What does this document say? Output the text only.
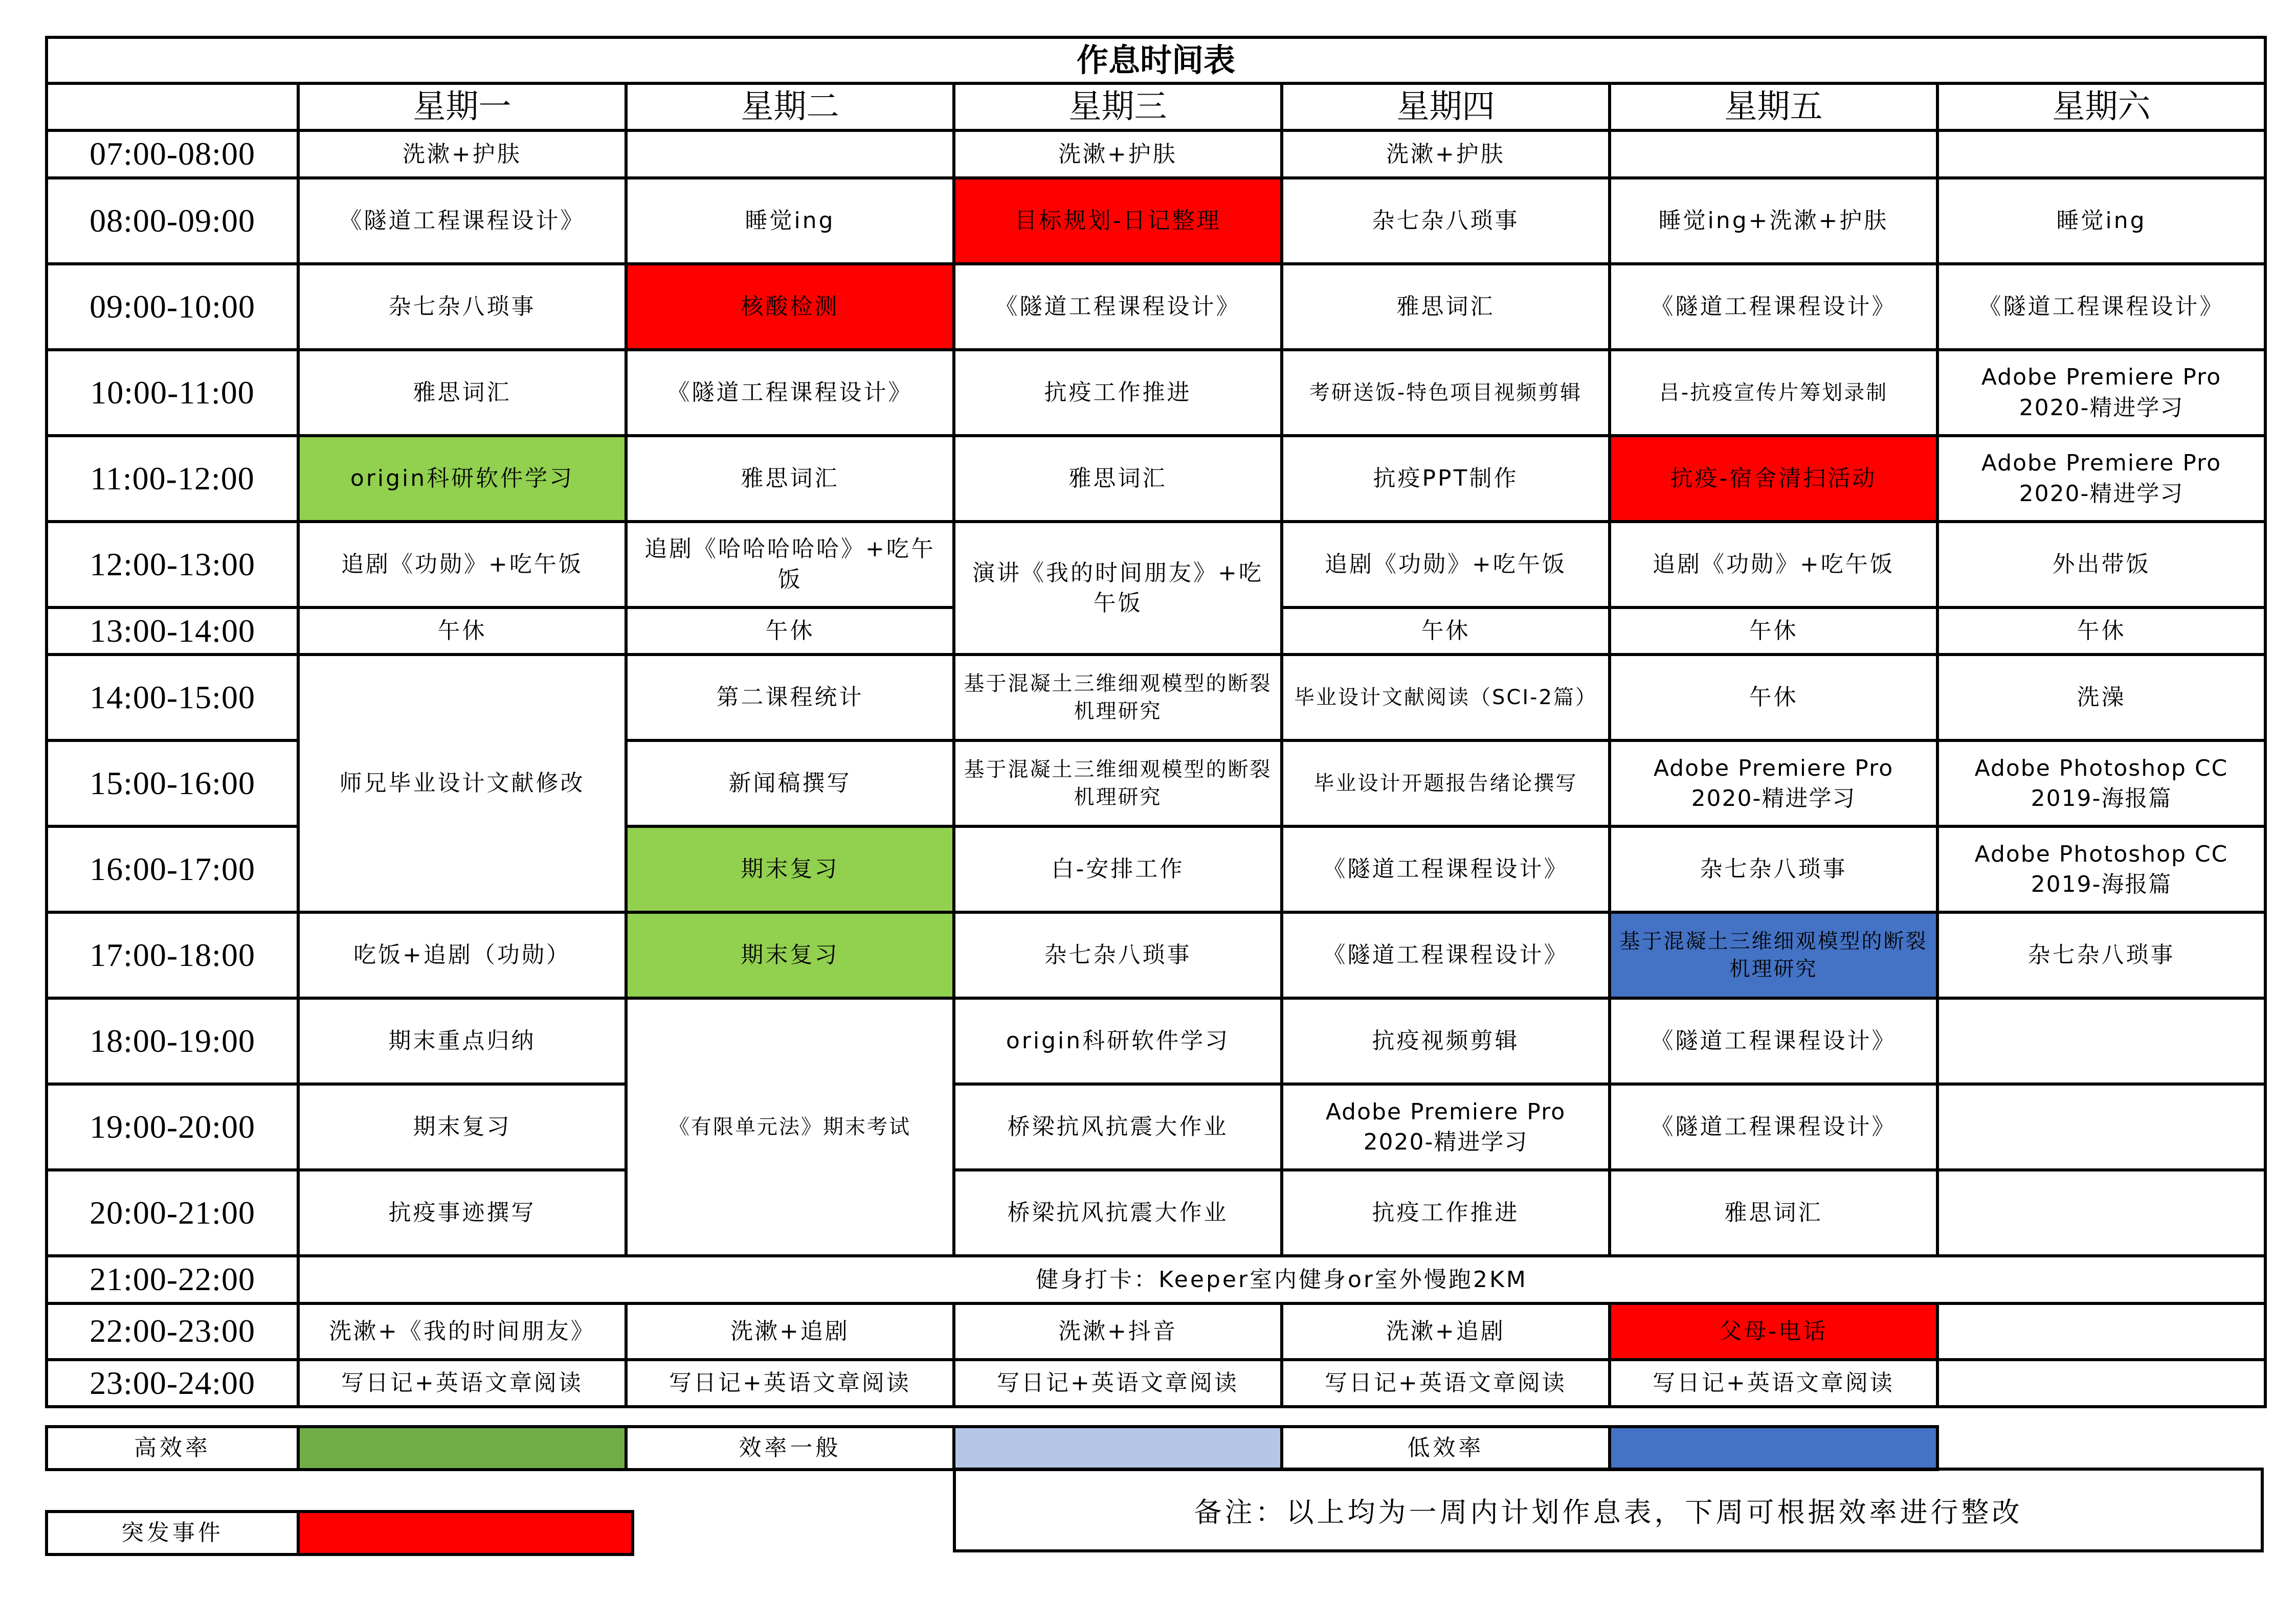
作息时间表						
	星期一	星期二	星期三	星期四	星期五	星期六
07:00-08:00	洗漱+护肤		洗漱+护肤	洗漱+护肤		
08:00-09:00	《隧道工程课程设计》	睡觉ing	目标规划-日记整理	杂七杂八琐事	睡觉ing+洗漱+护肤	睡觉ing
09:00-10:00	杂七杂八琐事	核酸检测	《隧道工程课程设计》	雅思词汇	《隧道工程课程设计》	《隧道工程课程设计》
10:00-11:00	雅思词汇	《隧道工程课程设计》	抗疫工作推进	考研送饭-特色项目视频剪辑	吕-抗疫宣传片筹划录制	Adobe Premiere Pro 2020-精进学习
11:00-12:00	origin科研软件学习	雅思词汇	雅思词汇	抗疫PPT制作	抗疫-宿舍清扫活动	Adobe Premiere Pro 2020-精进学习
12:00-13:00	追剧《功勋》+吃午饭	追剧《哈哈哈哈哈》+吃午饭	演讲《我的时间朋友》+吃午饭	追剧《功勋》+吃午饭	追剧《功勋》+吃午饭	外出带饭
13:00-14:00	午休	午休		午休	午休	午休
14:00-15:00	师兄毕业设计文献修改	第二课程统计	基于混凝土三维细观模型的断裂机理研究	毕业设计文献阅读（SCI-2篇）	午休	洗澡
15:00-16:00		新闻稿撰写	基于混凝土三维细观模型的断裂机理研究	毕业设计开题报告绪论撰写	Adobe Premiere Pro 2020-精进学习	Adobe Photoshop CC 2019-海报篇
16:00-17:00		期末复习	白-安排工作	《隧道工程课程设计》	杂七杂八琐事	Adobe Photoshop CC 2019-海报篇
17:00-18:00	吃饭+追剧（功勋）	期末复习	杂七杂八琐事	《隧道工程课程设计》	基于混凝土三维细观模型的断裂机理研究	杂七杂八琐事
18:00-19:00	期末重点归纳	《有限单元法》期末考试	origin科研软件学习	抗疫视频剪辑	《隧道工程课程设计》	
19:00-20:00	期末复习		桥梁抗风抗震大作业	Adobe Premiere Pro 2020-精进学习	《隧道工程课程设计》	
20:00-21:00	抗疫事迹撰写		桥梁抗风抗震大作业	抗疫工作推进	雅思词汇	
21:00-22:00	健身打卡：Keeper室内健身or室外慢跑2KM					
22:00-23:00	洗漱+《我的时间朋友》	洗漱+追剧	洗漱+抖音	洗漱+追剧	父母-电话	
23:00-24:00	写日记+英语文章阅读	写日记+英语文章阅读	写日记+英语文章阅读	写日记+英语文章阅读	写日记+英语文章阅读	
高效率		效率一般		低效率		
突发事件	
备注：以上均为一周内计划作息表，下周可根据效率进行整改
